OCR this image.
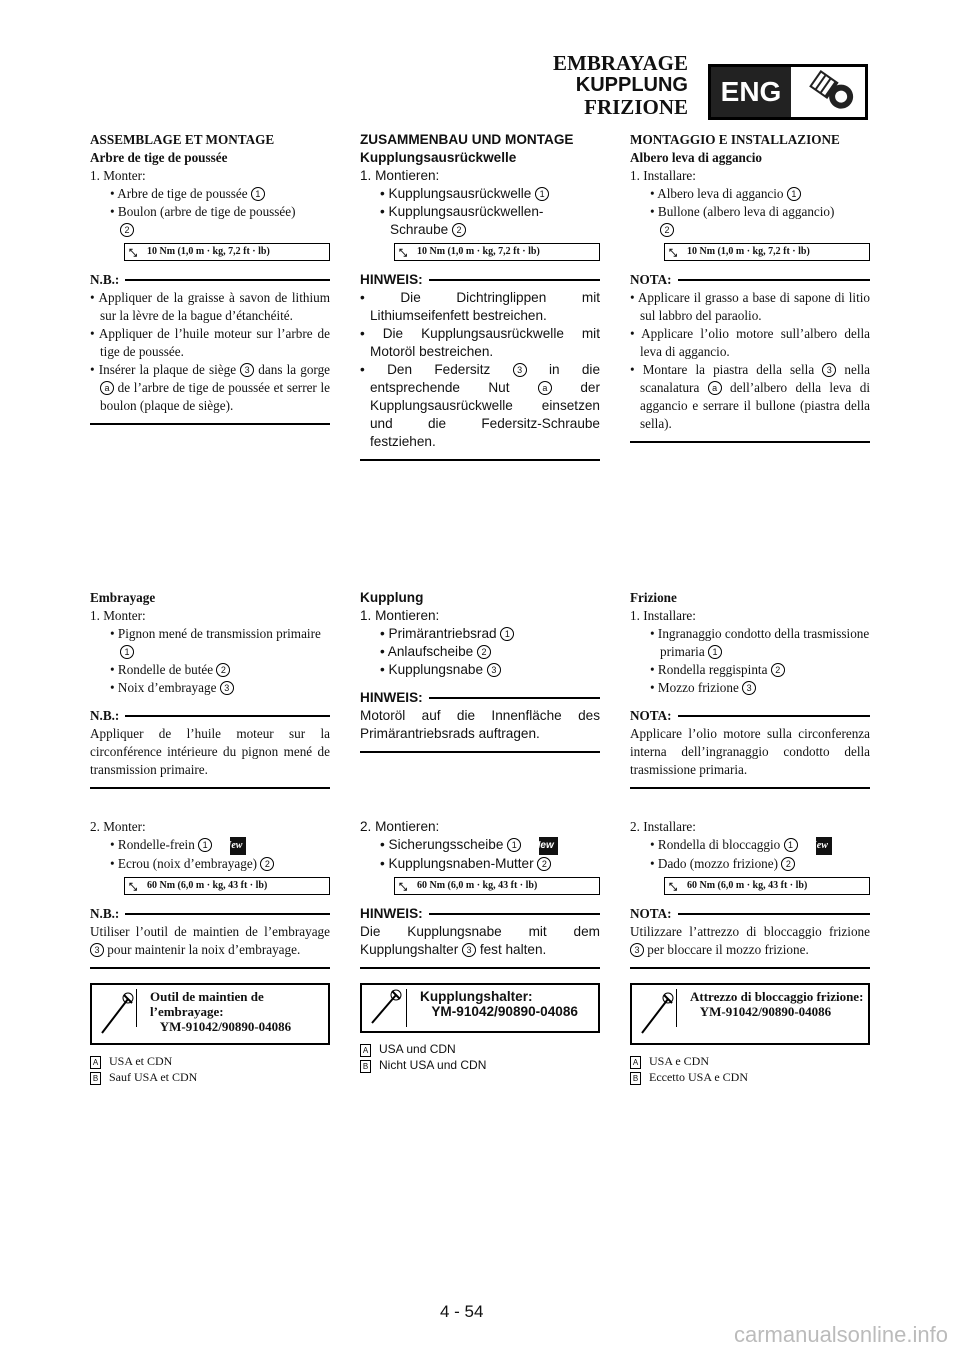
EMBRAYAGE
KUPPLUNG
FRIZIONE	ENG
ASSEMBLAGE ET MONTAGE
Arbre de tige de poussée
1. Monter:
• Arbre de tige de poussée 1
• Boulon (arbre de tige de poussée)
2
⤡ 10 Nm (1,0 m · kg, 7,2 ft · lb)
N.B.:
• Appliquer de la graisse à savon de lithium sur la lèvre de la bague d’étanchéité.
• Appliquer de l’huile moteur sur l’arbre de tige de poussée.
• Insérer la plaque de siège 3 dans la gorge a de l’arbre de tige de poussée et serrer le boulon (plaque de siège).
Embrayage
1. Monter:
• Pignon mené de transmission primaire 1
• Rondelle de butée 2
• Noix d’embrayage 3
N.B.:
Appliquer de l’huile moteur sur la circonférence intérieure du pignon mené de transmission primaire.
2. Monter:
• Rondelle-frein 1 New
• Ecrou (noix d’embrayage) 2
⤡ 60 Nm (6,0 m · kg, 43 ft · lb)
N.B.:
Utiliser l’outil de maintien de l’embrayage 3 pour maintenir la noix d’embrayage.
Outil de maintien de l’embrayage:
YM-91042/90890-04086
A USA et CDN
B Sauf USA et CDN
ZUSAMMENBAU UND MONTAGE
Kupplungsausrückwelle
1. Montieren:
• Kupplungsausrückwelle 1
• Kupplungsausrückwellen-Schraube 2
⤡ 10 Nm (1,0 m · kg, 7,2 ft · lb)
HINWEIS:
• Die Dichtringlippen mit Lithiumseifenfett bestreichen.
• Die Kupplungsausrückwelle mit Motoröl bestreichen.
• Den Federsitz	3 in die entsprechende Nut	a der Kupplungsausrückwelle einsetzen und die Federsitz-Schraube festziehen.
Kupplung
1. Montieren:
• Primärantriebsrad 1
• Anlaufscheibe 2
• Kupplungsnabe 3
HINWEIS:
Motoröl auf die Innenfläche des Primärantriebsrads auftragen.
2. Montieren:
• Sicherungsscheibe 1 New
• Kupplungsnaben-Mutter 2
⤡ 60 Nm (6,0 m · kg, 43 ft · lb)
HINWEIS:
Die Kupplungsnabe mit dem Kupplungshalter 3 fest halten.
Kupplungshalter:
YM-91042/90890-04086
A USA und CDN
B Nicht USA und CDN
MONTAGGIO E INSTALLAZIONE
Albero leva di aggancio
1. Installare:
• Albero leva di aggancio 1
• Bullone (albero leva di aggancio)
2
⤡ 10 Nm (1,0 m · kg, 7,2 ft · lb)
NOTA:
• Applicare il grasso a base di sapone di litio sul labbro del paraolio.
• Applicare l’olio motore sull’albero della leva di aggancio.
• Montare la piastra della sella 3 nella scanalatura a dell’albero della leva di aggancio e serrare il bullone (piastra della sella).
Frizione
1. Installare:
• Ingranaggio condotto della trasmissione primaria 1
• Rondella reggispinta 2
• Mozzo frizione 3
NOTA:
Applicare l’olio motore sulla circonferenza interna dell’ingranaggio condotto della trasmissione primaria.
2. Installare:
• Rondella di bloccaggio 1 New
• Dado (mozzo frizione) 2
⤡ 60 Nm (6,0 m · kg, 43 ft · lb)
NOTA:
Utilizzare l’attrezzo di bloccaggio frizione 3 per bloccare il mozzo frizione.
Attrezzo di bloccaggio frizione:
YM-91042/90890-04086
A USA e CDN
B Eccetto USA e CDN
4 - 54
carmanualsonline.info
